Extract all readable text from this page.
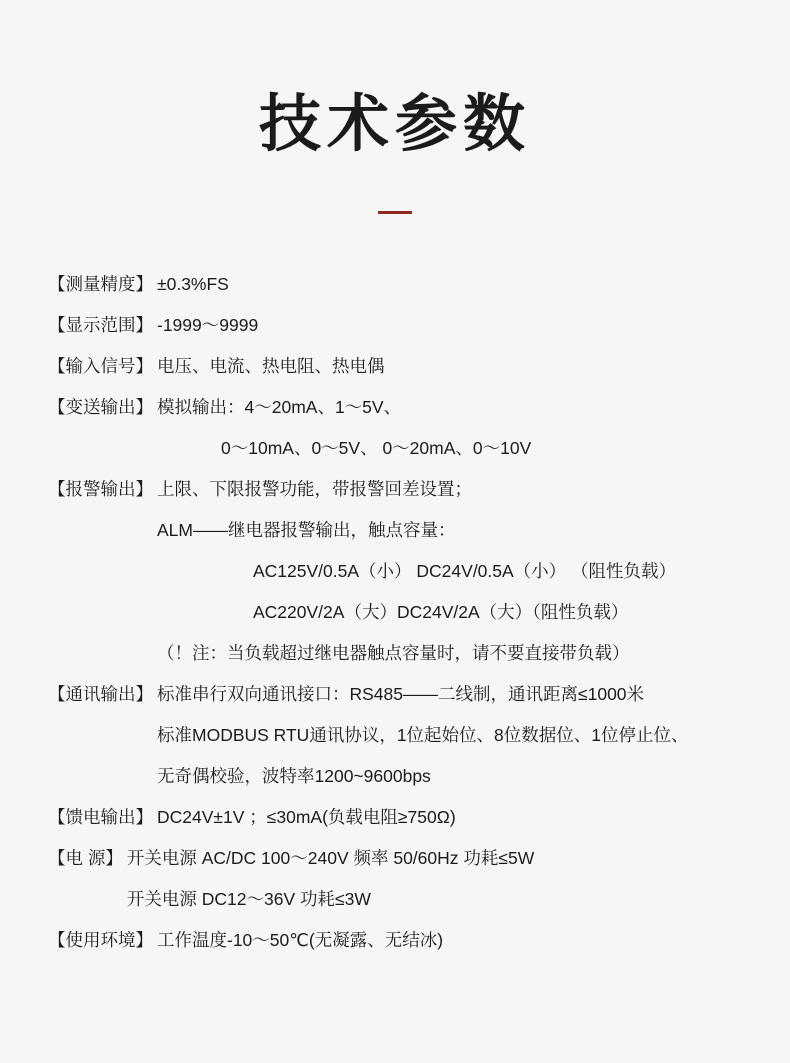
技术参数
【测量精度】 ±0.3%FS
【显示范围】 -1999～9999
【输入信号】 电压、电流、热电阻、热电偶
【变送输出】 模拟输出：4～20mA、1～5V、
0～10mA、0～5V、 0～20mA、0～10V
【报警输出】 上限、下限报警功能，带报警回差设置；
ALM——继电器报警输出，触点容量：
AC125V/0.5A（小） DC24V/0.5A（小） （阻性负载）
AC220V/2A（大）DC24V/2A（大）（阻性负载）
（！注：当负载超过继电器触点容量时，请不要直接带负载）
【通讯输出】 标准串行双向通讯接口：RS485——二线制，通讯距离≤1000米
标准MODBUS RTU通讯协议，1位起始位、8位数据位、1位停止位、
无奇偶校验，波特率1200~9600bps
【馈电输出】 DC24V±1V ；≤30mA(负载电阻≥750Ω)
【电 源】 开关电源 AC/DC 100～240V 频率 50/60Hz 功耗≤5W
开关电源 DC12～36V 功耗≤3W
【使用环境】 工作温度-10～50℃(无凝露、无结冰)
